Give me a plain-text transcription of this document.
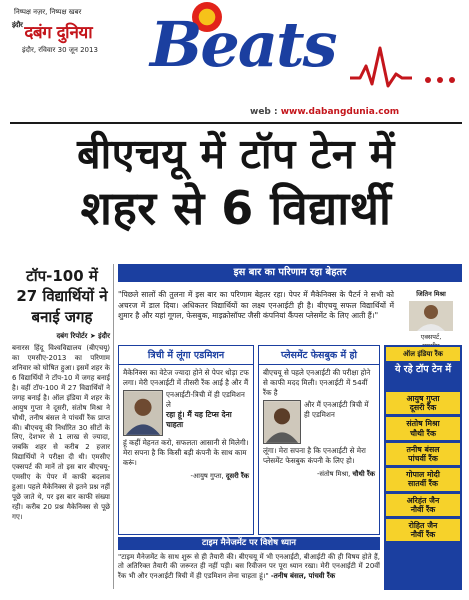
निष्पक्ष नज़र, निष्पक्ष खबर
$^{इंदौर}$ दबंग दुनिया
इंदौर, रविवार 30 जून 2013 Beats
web : www.dabangdunia.com
बीएचयू में टॉप टेन में
शहर से 6 विद्यार्थी
टॉप-100 में 27 विद्यार्थियों ने बनाई जगह
दबंग रिपोर्टर ➤ इंदौर
बनारस हिंदू विश्वविद्यालय (बीएचयू) का एमसीए-2013 का परिणाम शनिवार को घोषित हुआ। इसमें शहर के 6 विद्यार्थियों ने टॉप-10 में जगह बनाई है। वहीं टॉप-100 में 27 विद्यार्थियों ने जगह बनाई है। ऑल इंडिया में शहर के आयुष गुप्ता ने दूसरी, संतोष मिश्रा ने चौथी, तनीष बंसल ने पांचवीं रैंक प्राप्त की। बीएचयू की निर्धारित 30 सीटों के लिए, देशभर से 1 लाख से ज्यादा, जबकि शहर से करीब 2 हजार विद्यार्थियों ने परीक्षा दी थी। एमसीए एक्सपर्ट की मानें तो इस बार बीएचयू-एमसीए के पेपर में काफी बदलाव हुआ। पहले मैकेनिक्स से इतने प्रश्न नहीं पूछे जाते थे, पर इस बार काफी संख्या रही। करीब 20 प्रश्न मैकेनिक्स से पूछे गए।
इस बार का परिणाम रहा बेहतर
"पिछले सालों की तुलना में इस बार का परिणाम बेहतर रहा। पेपर में मैकेनिक्स के पैटर्न ने सभी को अचरज में डाल दिया। अधिकतर विद्यार्थियों का लक्ष्य एनआईटी ही है। बीएचयू सफल विद्यार्थियों में शुमार है और यहां गूगल, फेसबुक, माइक्रोसॉफ्ट जैसी कंपनियां कैंपस प्लेसमेंट के लिए आती हैं।"
जितिन मिश्रा
एक्सपर्ट,
त्रिची में लूंगा एडमिशन
मैकेनिक्स का वेटेज ज्यादा होने से पेपर थोड़ा टफ लगा। मेरी एनआईटी में तीसरी रैंक आई है और मैं
एनआईटी-त्रिची में ही एडमिशन ले
रहा हूं। मैं यह टिप्स देना चाहता
हूं कहीं मेहनत करो, सफलता आसानी से मिलेगी। मेरा सपना है कि किसी बड़ी कंपनी के साथ काम करूं।
-आयुष गुप्ता, दूसरी रैंक
प्लेसमेंट फेसबुक में हो
बीएचयू से पहले एनआईटी की परीक्षा होने से काफी मदद मिली। एनआईटी में 54वीं रैंक है
और मैं एनआईटी त्रिची में ही एडमिशन
लूंगा। मेरा सपना है कि एनआईटी से मेरा प्लेसमेंट फेसबुक कंपनी के लिए हो।
-संतोष मिश्रा, चौथी रैंक
ऑल इंडिया रैंक
ये रहे टॉप टेन में
आयुष गुप्ता
दूसरी रैंक
संतोष मिश्रा
चौथी रैंक
तनीष बंसल
पांचवीं रैंक
गोपाल मोदी
सातवीं रैंक
अरिहंत जैन
नौवीं रैंक
रोहित जैन
नौवीं रैंक
टाइम मैनेजमेंट पर विशेष ध्यान
"टाइम मैनेजमेंट के साथ शुरू से ही तैयारी की। बीएचयू में भी एनआईटी, बीआईटी की ही विषय होते हैं, तो अतिरिक्त तैयारी की जरूरत ही नहीं पड़ी। बस रिवीजन पर पूरा ध्यान रखा। मेरी एनआईटी में 20वीं रैंक भी और एनआईटी त्रिची में ही एडमिशन लेना चाहता हूं।" -तनीष बंसल, पांचवी रैंक
